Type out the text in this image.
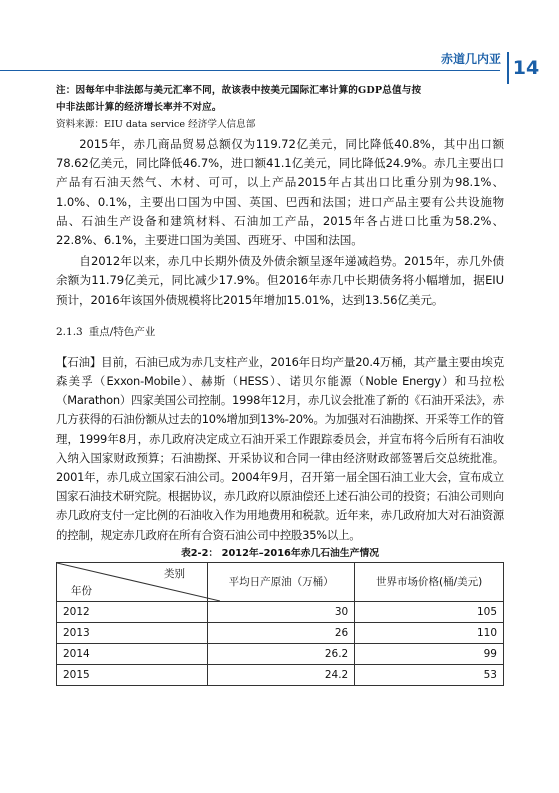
赤道几内亚 14
注：因每年中非法郎与美元汇率不同，故该表中按美元国际汇率计算的GDP总值与按
中非法郎计算的经济增长率并不对应。
资料来源：EIU data service 经济学人信息部

2015年，赤几商品贸易总额仅为119.72亿美元，同比降低40.8%，其中出口额78.62亿美元，同比降低46.7%，进口额41.1亿美元，同比降低24.9%。赤几主要出口产品有石油天然气、木材、可可，以上产品2015年占其出口比重分别为98.1%、1.0%、0.1%，主要出口国为中国、英国、巴西和法国；进口产品主要有公共设施物品、石油生产设备和建筑材料、石油加工产品，2015年各占进口比重为58.2%、22.8%、6.1%，主要进口国为美国、西班牙、中国和法国。

自2012年以来，赤几中长期外债及外债余额呈逐年递减趋势。2015年，赤几外债余额为11.79亿美元，同比减少17.9%。但2016年赤几中长期债务将小幅增加，据EIU预计，2016年该国外债规模将比2015年增加15.01%，达到13.56亿美元。

2.1.3 重点/特色产业

【石油】目前，石油已成为赤几支柱产业，2016年日均产量20.4万桶，其产量主要由埃克森美孚（Exxon-Mobile）、赫斯（HESS）、诺贝尔能源（Noble Energy）和马拉松（Marathon）四家美国公司控制。1998年12月，赤几议会批准了新的《石油开采法》，赤几方获得的石油份额从过去的10%增加到13%-20%。为加强对石油勘探、开采等工作的管理，1999年8月，赤几政府决定成立石油开采工作跟踪委员会，并宣布将今后所有石油收入纳入国家财政预算；石油勘探、开采协议和合同一律由经济财政部签署后交总统批准。2001年，赤几成立国家石油公司。2004年9月，召开第一届全国石油工业大会，宣布成立国家石油技术研究院。根据协议，赤几政府以原油偿还上述石油公司的投资；石油公司则向赤几政府支付一定比例的石油收入作为用地费用和税款。近年来，赤几政府加大对石油资源的控制，规定赤几政府在所有合资石油公司中控股35%以上。

表2-2： 2012年–2016年赤几石油生产情况
类别
年份	平均日产原油（万桶）	世界市场价格(桶/美元)
2012	30	105
2013	26	110
2014	26.2	99
2015	24.2	53
